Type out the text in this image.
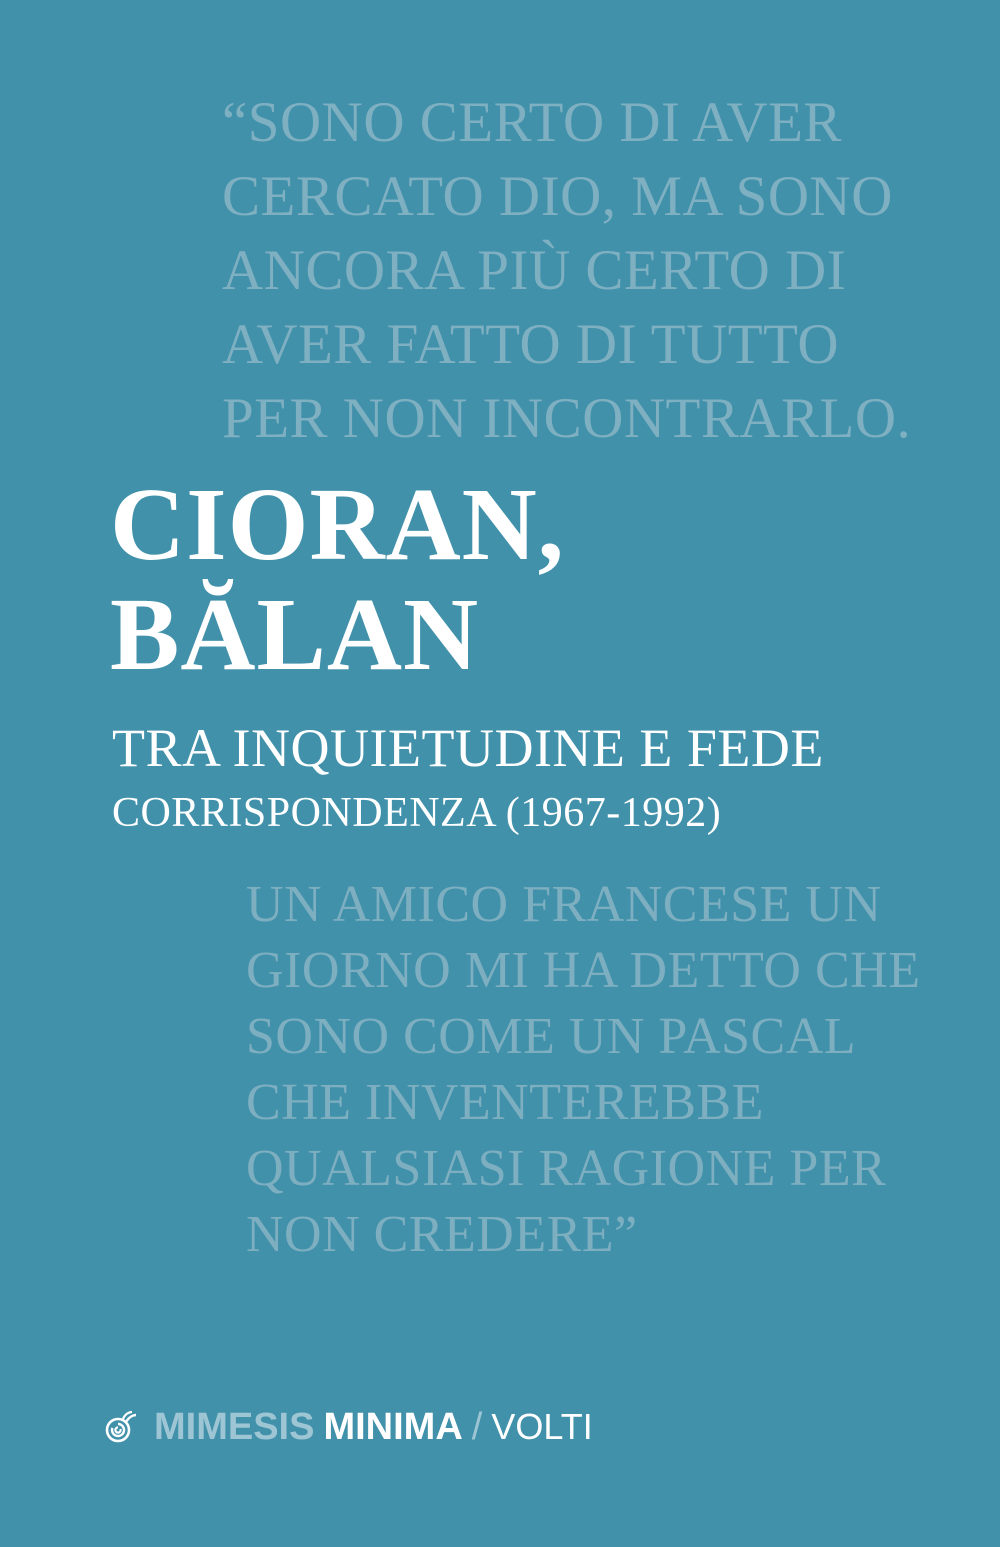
“SONO CERTO DI AVER CERCATO DIO, MA SONO ANCORA PIÙ CERTO DI AVER FATTO DI TUTTO PER NON INCONTRARLO.
CIORAN,
BĂLAN
TRA INQUIETUDINE E FEDE
CORRISPONDENZA (1967-1992)
UN AMICO FRANCESE UN GIORNO MI HA DETTO CHE SONO COME UN PASCAL CHE INVENTEREBBE QUALSIASI RAGIONE PER NON CREDERE”
MIMESIS MINIMA / VOLTI
